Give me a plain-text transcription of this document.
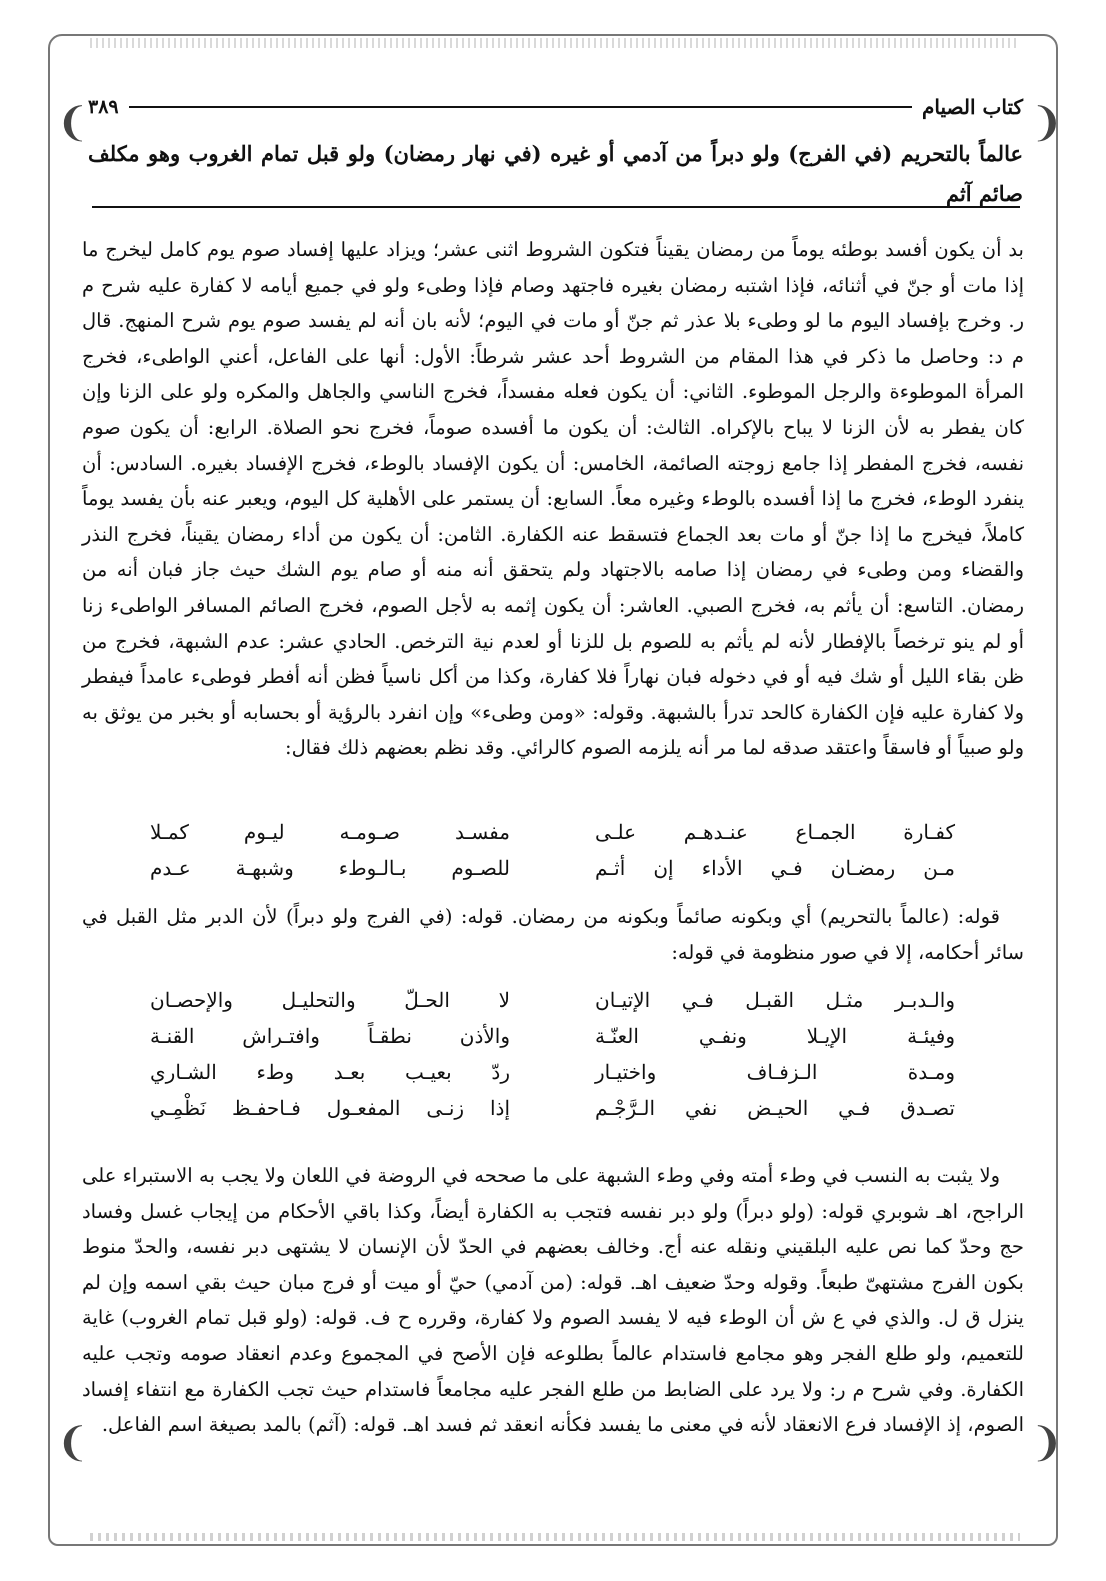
❨	❩
❨	❩
كتاب الصيام
٣٨٩
عالماً بالتحريم (في الفرج) ولو دبراً من آدمي أو غيره (في نهار رمضان) ولو قبل تمام الغروب وهو مكلف صائم آثم

بد أن يكون أفسد بوطئه يوماً من رمضان يقيناً فتكون الشروط اثنى عشر؛ ويزاد عليها إفساد صوم يوم كامل ليخرج ما إذا مات أو جنّ في أثنائه، فإذا اشتبه رمضان بغيره فاجتهد وصام فإذا وطىء ولو في جميع أيامه لا كفارة عليه شرح م ر. وخرج بإفساد اليوم ما لو وطىء بلا عذر ثم جنّ أو مات في اليوم؛ لأنه بان أنه لم يفسد صوم يوم شرح المنهج. قال م د: وحاصل ما ذكر في هذا المقام من الشروط أحد عشر شرطاً: الأول: أنها على الفاعل، أعني الواطىء، فخرج المرأة الموطوءة والرجل الموطوء. الثاني: أن يكون فعله مفسداً، فخرج الناسي والجاهل والمكره ولو على الزنا وإن كان يفطر به لأن الزنا لا يباح بالإكراه. الثالث: أن يكون ما أفسده صوماً، فخرج نحو الصلاة. الرابع: أن يكون صوم نفسه، فخرج المفطر إذا جامع زوجته الصائمة، الخامس: أن يكون الإفساد بالوطء، فخرج الإفساد بغيره. السادس: أن ينفرد الوطء، فخرج ما إذا أفسده بالوطء وغيره معاً. السابع: أن يستمر على الأهلية كل اليوم، ويعبر عنه بأن يفسد يوماً كاملاً، فيخرج ما إذا جنّ أو مات بعد الجماع فتسقط عنه الكفارة. الثامن: أن يكون من أداء رمضان يقيناً، فخرج النذر والقضاء ومن وطىء في رمضان إذا صامه بالاجتهاد ولم يتحقق أنه منه أو صام يوم الشك حيث جاز فبان أنه من رمضان. التاسع: أن يأثم به، فخرج الصبي. العاشر: أن يكون إثمه به لأجل الصوم، فخرج الصائم المسافر الواطىء زنا أو لم ينو ترخصاً بالإفطار لأنه لم يأثم به للصوم بل للزنا أو لعدم نية الترخص. الحادي عشر: عدم الشبهة، فخرج من ظن بقاء الليل أو شك فيه أو في دخوله فبان نهاراً فلا كفارة، وكذا من أكل ناسياً فظن أنه أفطر فوطىء عامداً فيفطر ولا كفارة عليه فإن الكفارة كالحد تدرأ بالشبهة. وقوله: «ومن وطىء» وإن انفرد بالرؤية أو بحسابه أو بخبر من يوثق به ولو صبياً أو فاسقاً واعتقد صدقه لما مر أنه يلزمه الصوم كالرائي. وقد نظم بعضهم ذلك فقال:

كفـارة الجمـاع عنـدهـم علـى
مفسـد صـومـه ليـوم كمـلا
مـن رمضـان فـي الأداء إن أثـم
للصـوم بـالـوطء وشبهـة عـدم

قوله: (عالماً بالتحريم) أي وبكونه صائماً وبكونه من رمضان. قوله: (في الفرج ولو دبراً) لأن الدبر مثل القبل في سائر أحكامه، إلا في صور منظومة في قوله:

والـدبـر مثـل القبـل فـي الإتيـان
لا الحـلّ والتحليـل والإحصـان
وفيئـة الإيـلا ونفـي العنّـة
والأذن نطقـاً وافتـراش القنـة
ومـدة الـزفـاف واختيـار
ردّ بعيـب بعـد وطء الشـاري
تصـدق فـي الحيـض نفي الـرَّجْـم
إذا زنـى المفعـول فـاحفـظ نَظْمِـي

ولا يثبت به النسب في وطء أمته وفي وطء الشبهة على ما صححه في الروضة في اللعان ولا يجب به الاستبراء على الراجح، اهـ شوبري قوله: (ولو دبراً) ولو دبر نفسه فتجب به الكفارة أيضاً، وكذا باقي الأحكام من إيجاب غسل وفساد حج وحدّ كما نص عليه البلقيني ونقله عنه أج. وخالف بعضهم في الحدّ لأن الإنسان لا يشتهى دبر نفسه، والحدّ منوط بكون الفرج مشتهىّ طبعاً. وقوله وحدّ ضعيف اهـ. قوله: (من آدمي) حيّ أو ميت أو فرج مبان حيث بقي اسمه وإن لم ينزل ق ل. والذي في ع ش أن الوطء فيه لا يفسد الصوم ولا كفارة، وقرره ح ف. قوله: (ولو قبل تمام الغروب) غاية للتعميم، ولو طلع الفجر وهو مجامع فاستدام عالماً بطلوعه فإن الأصح في المجموع وعدم انعقاد صومه وتجب عليه الكفارة. وفي شرح م ر: ولا يرد على الضابط من طلع الفجر عليه مجامعاً فاستدام حيث تجب الكفارة مع انتفاء إفساد الصوم، إذ الإفساد فرع الانعقاد لأنه في معنى ما يفسد فكأنه انعقد ثم فسد اهـ. قوله: (آثم) بالمد بصيغة اسم الفاعل.
